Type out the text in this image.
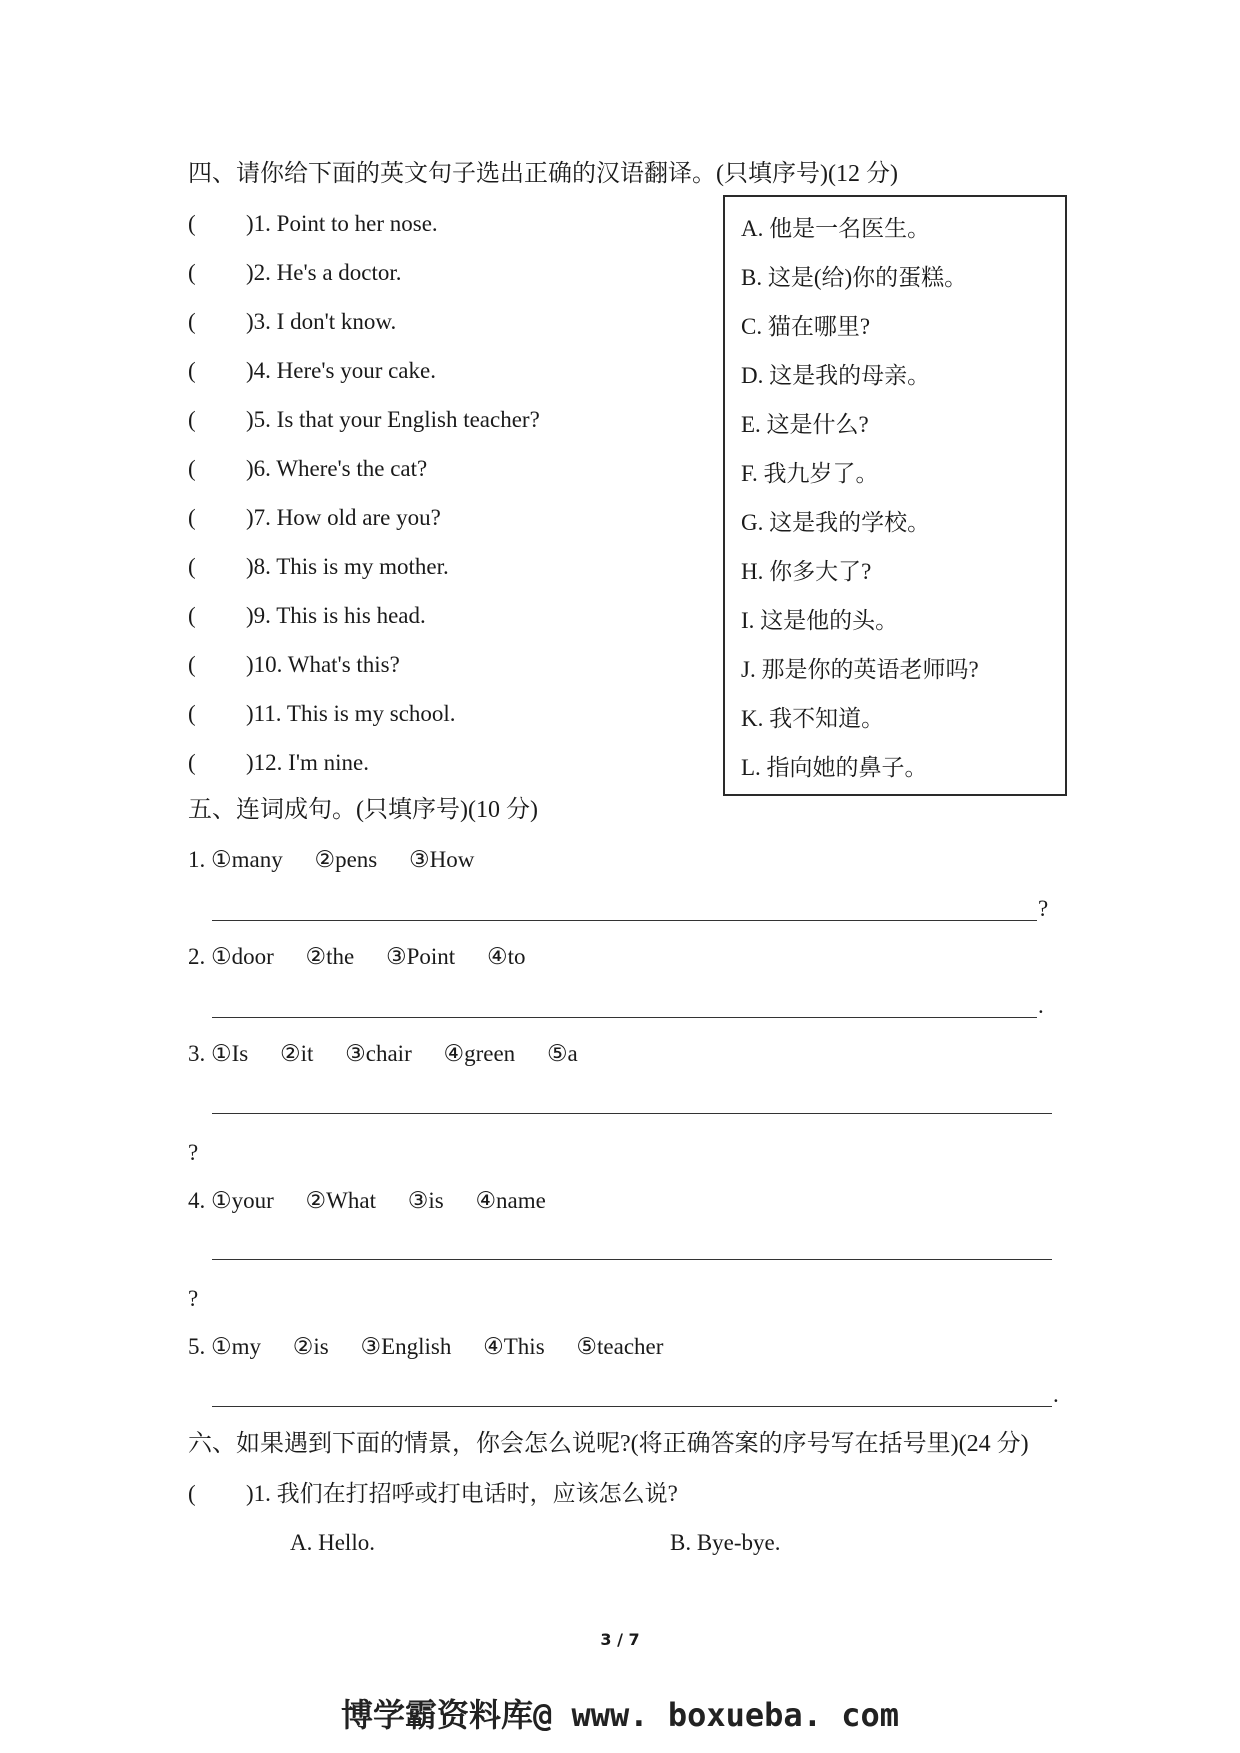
四、请你给下面的英文句子选出正确的汉语翻译。(只填序号)(12 分)
( )1. Point to her nose.
( )2. He's a doctor.
( )3. I don't know.
( )4. Here's your cake.
( )5. Is that your English teacher?
( )6. Where's the cat?
( )7. How old are you?
( )8. This is my mother.
( )9. This is his head.
( )10. What's this?
( )11. This is my school.
( )12. I'm nine.
A. 他是一名医生。
B. 这是(给)你的蛋糕。
C. 猫在哪里?
D. 这是我的母亲。
E. 这是什么?
F. 我九岁了。
G. 这是我的学校。
H. 你多大了?
I. 这是他的头。
J. 那是你的英语老师吗?
K. 我不知道。
L. 指向她的鼻子。
五、连词成句。(只填序号)(10 分)
1. ①many ②pens ③How
?
2. ①door ②the ③Point ④to
.
3. ①Is ②it ③chair ④green ⑤a
?
4. ①your ②What ③is ④name
?
5. ①my ②is ③English ④This ⑤teacher
.
六、如果遇到下面的情景，你会怎么说呢?(将正确答案的序号写在括号里)(24 分)
( )1. 我们在打招呼或打电话时，应该怎么说?
A. Hello.	B. Bye-bye.
3 / 7
博学霸资料库@ www. boxueba. com
